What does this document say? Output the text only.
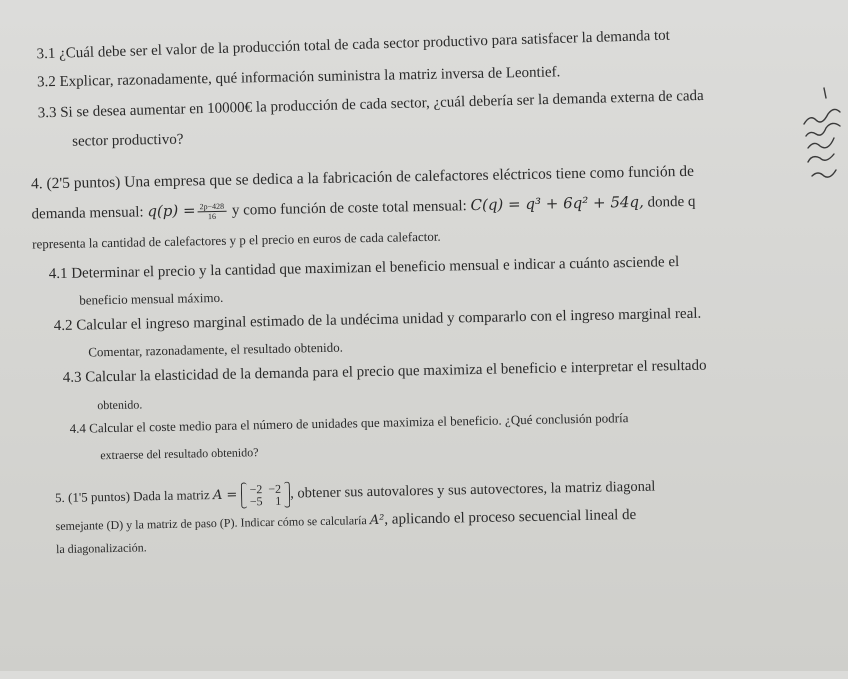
3.1 ¿Cuál debe ser el valor de la producción total de cada sector productivo para satisfacer la demanda tot
3.2 Explicar, razonadamente, qué información suministra la matriz inversa de Leontief.
3.3 Si se desea aumentar en 10000€ la producción de cada sector, ¿cuál debería ser la demanda externa de cada
sector productivo?
4. (2'5 puntos) Una empresa que se dedica a la fabricación de calefactores eléctricos tiene como función de
demanda mensual: $q(p) = \frac{2p-428}{16}$ y como función de coste total mensual: C(q) = q³ + 6q² + 54q, donde q
representa la cantidad de calefactores y p el precio en euros de cada calefactor.
4.1 Determinar el precio y la cantidad que maximizan el beneficio mensual e indicar a cuánto asciende el
beneficio mensual máximo.
4.2 Calcular el ingreso marginal estimado de la undécima unidad y compararlo con el ingreso marginal real.
Comentar, razonadamente, el resultado obtenido.
4.3 Calcular la elasticidad de la demanda para el precio que maximiza el beneficio e interpretar el resultado
obtenido.
4.4 Calcular el coste medio para el número de unidades que maximiza el beneficio. ¿Qué conclusión podría
extraerse del resultado obtenido?
5. (1'5 puntos) Dada la matriz A = −2	−2
−5	1 , obtener sus autovalores y sus autovectores, la matriz diagonal
semejante (D) y la matriz de paso (P). Indicar cómo se calcularía A², aplicando el proceso secuencial lineal de
la diagonalización.
